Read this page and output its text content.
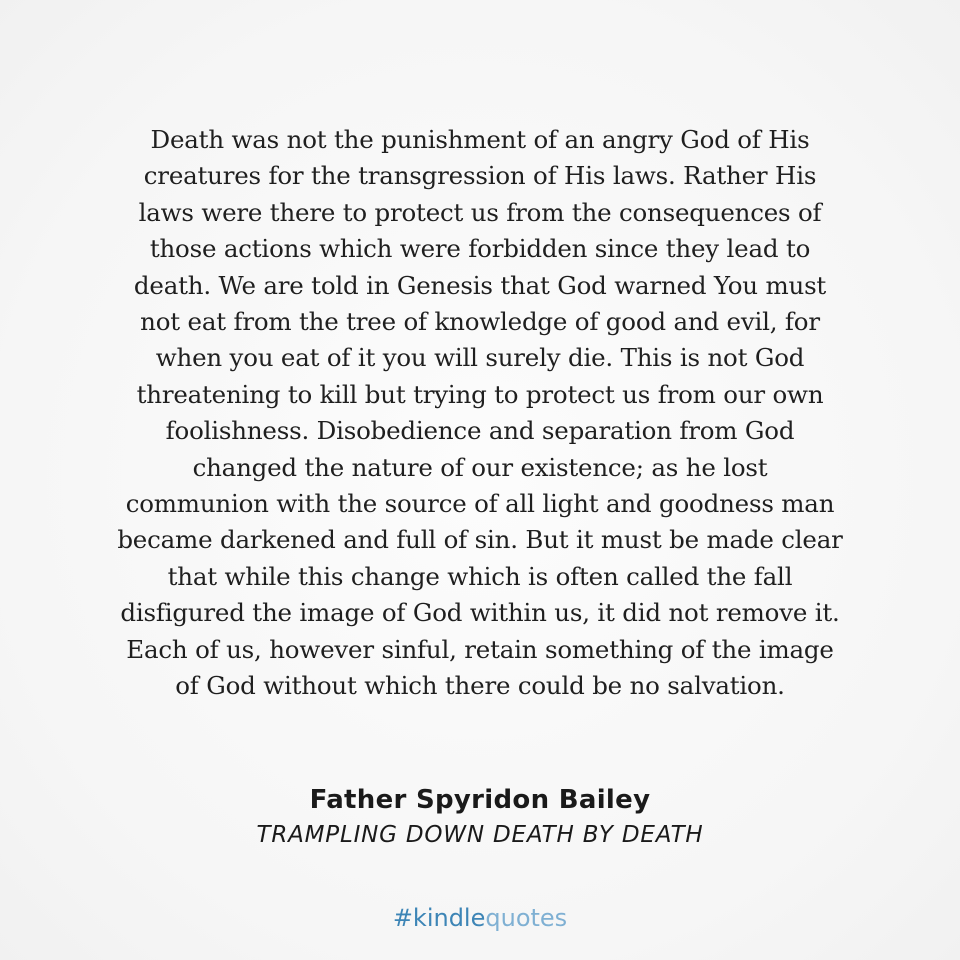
Death was not the punishment of an angry God of His
creatures for the transgression of His laws. Rather His
laws were there to protect us from the consequences of
those actions which were forbidden since they lead to
death. We are told in Genesis that God warned You must
not eat from the tree of knowledge of good and evil, for
when you eat of it you will surely die. This is not God
threatening to kill but trying to protect us from our own
foolishness. Disobedience and separation from God
changed the nature of our existence; as he lost
communion with the source of all light and goodness man
became darkened and full of sin. But it must be made clear
that while this change which is often called the fall
disfigured the image of God within us, it did not remove it.
Each of us, however sinful, retain something of the image
of God without which there could be no salvation.

Father Spyridon Bailey
TRAMPLING DOWN DEATH BY DEATH
#kindlequotes
